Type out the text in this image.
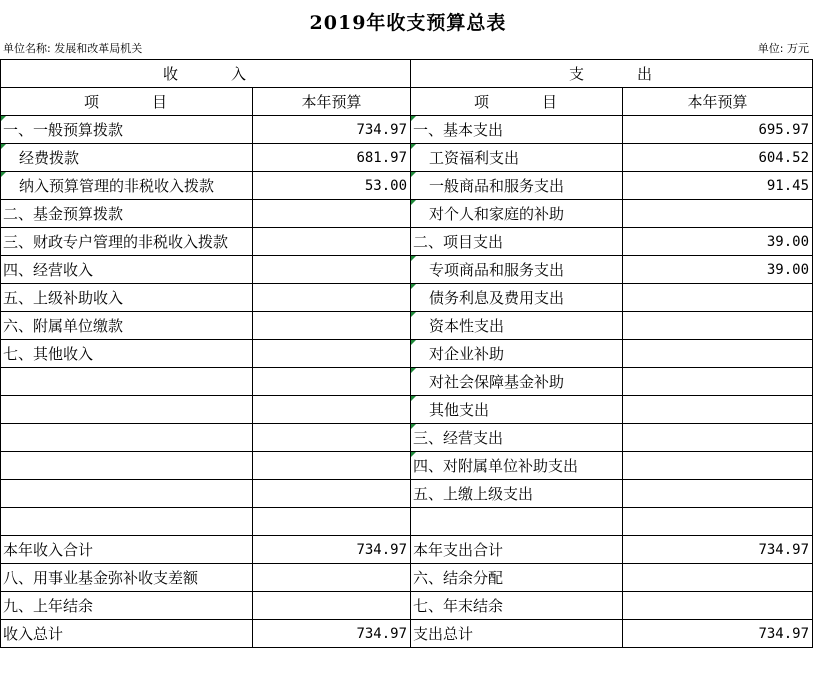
2019年收支预算总表
单位名称: 发展和改革局机关	单位: 万元
收　　　入		支　　　出	
项　　　目	本年预算	项　　　目	本年预算
一、一般预算拨款	734.97	一、基本支出	695.97
经费拨款	681.97	工资福利支出	604.52
纳入预算管理的非税收入拨款	53.00	一般商品和服务支出	91.45
二、基金预算拨款		对个人和家庭的补助	
三、财政专户管理的非税收入拨款		二、项目支出	39.00
四、经营收入		专项商品和服务支出	39.00
五、上级补助收入		债务利息及费用支出	
六、附属单位缴款		资本性支出	
七、其他收入		对企业补助	
		对社会保障基金补助	
		其他支出	
		三、经营支出	
		四、对附属单位补助支出	
		五、上缴上级支出	

本年收入合计	734.97	本年支出合计	734.97
八、用事业基金弥补收支差额		六、结余分配	
九、上年结余		七、年末结余	
收入总计	734.97	支出总计	734.97
